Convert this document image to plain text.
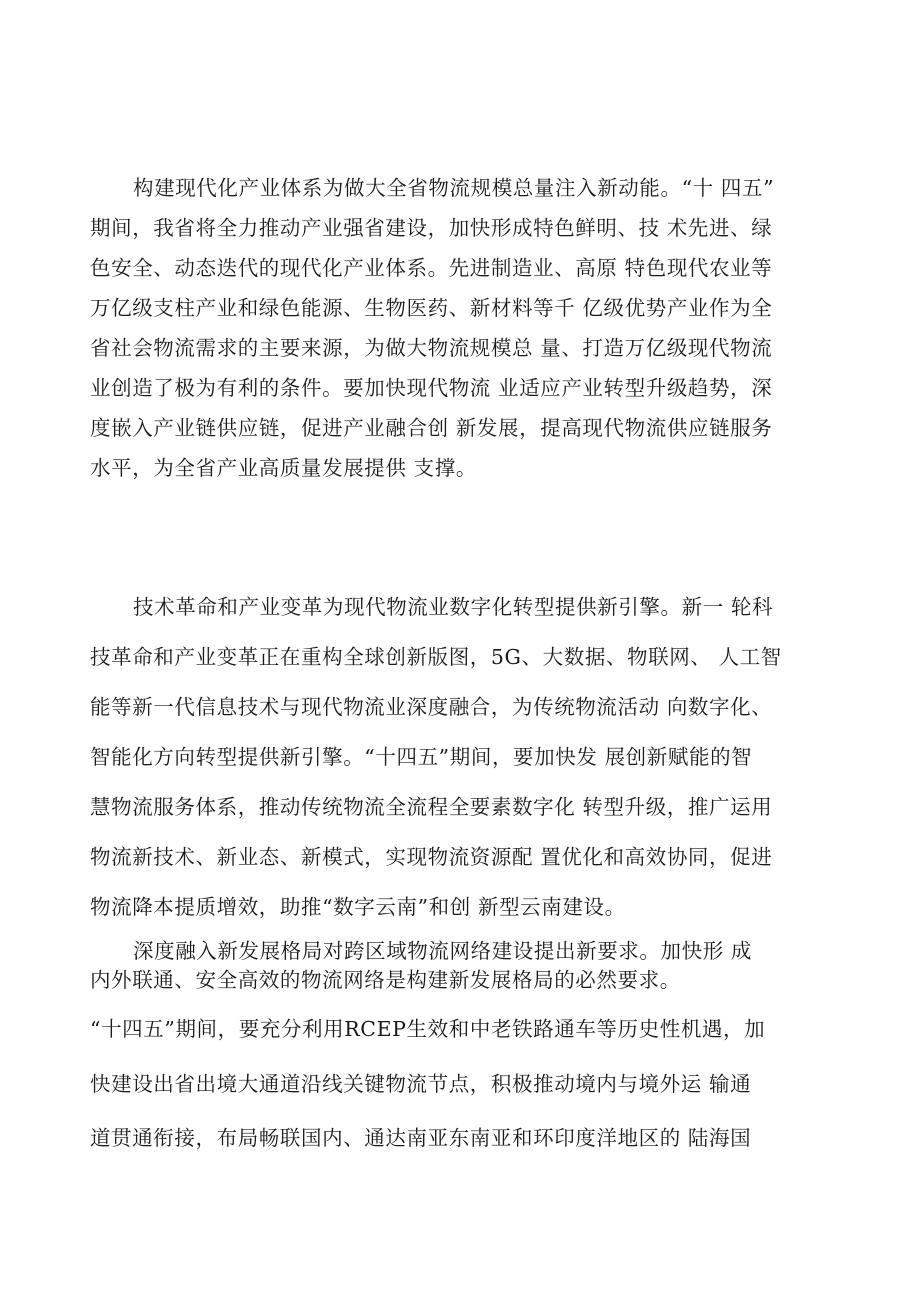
构建现代化产业体系为做大全省物流规模总量注入新动能。“十 四五”
期间，我省将全力推动产业强省建设，加快形成特色鲜明、技 术先进、绿
色安全、动态迭代的现代化产业体系。先进制造业、高原 特色现代农业等
万亿级支柱产业和绿色能源、生物医药、新材料等千 亿级优势产业作为全
省社会物流需求的主要来源，为做大物流规模总 量、打造万亿级现代物流
业创造了极为有利的条件。要加快现代物流 业适应产业转型升级趋势，深
度嵌入产业链供应链，促进产业融合创 新发展，提高现代物流供应链服务
水平，为全省产业高质量发展提供 支撑。
技术革命和产业变革为现代物流业数字化转型提供新引擎。新一 轮科
技革命和产业变革正在重构全球创新版图，5G、大数据、物联网、 人工智
能等新一代信息技术与现代物流业深度融合，为传统物流活动 向数字化、
智能化方向转型提供新引擎。“十四五”期间，要加快发 展创新赋能的智
慧物流服务体系，推动传统物流全流程全要素数字化 转型升级，推广运用
物流新技术、新业态、新模式，实现物流资源配 置优化和高效协同，促进
物流降本提质增效，助推“数字云南”和创 新型云南建设。
深度融入新发展格局对跨区域物流网络建设提出新要求。加快形 成
内外联通、安全高效的物流网络是构建新发展格局的必然要求。
“十四五”期间，要充分利用RCEP生效和中老铁路通车等历史性机遇，加
快建设出省出境大通道沿线关键物流节点，积极推动境内与境外运 输通
道贯通衔接，布局畅联国内、通达南亚东南亚和环印度洋地区的 陆海国
